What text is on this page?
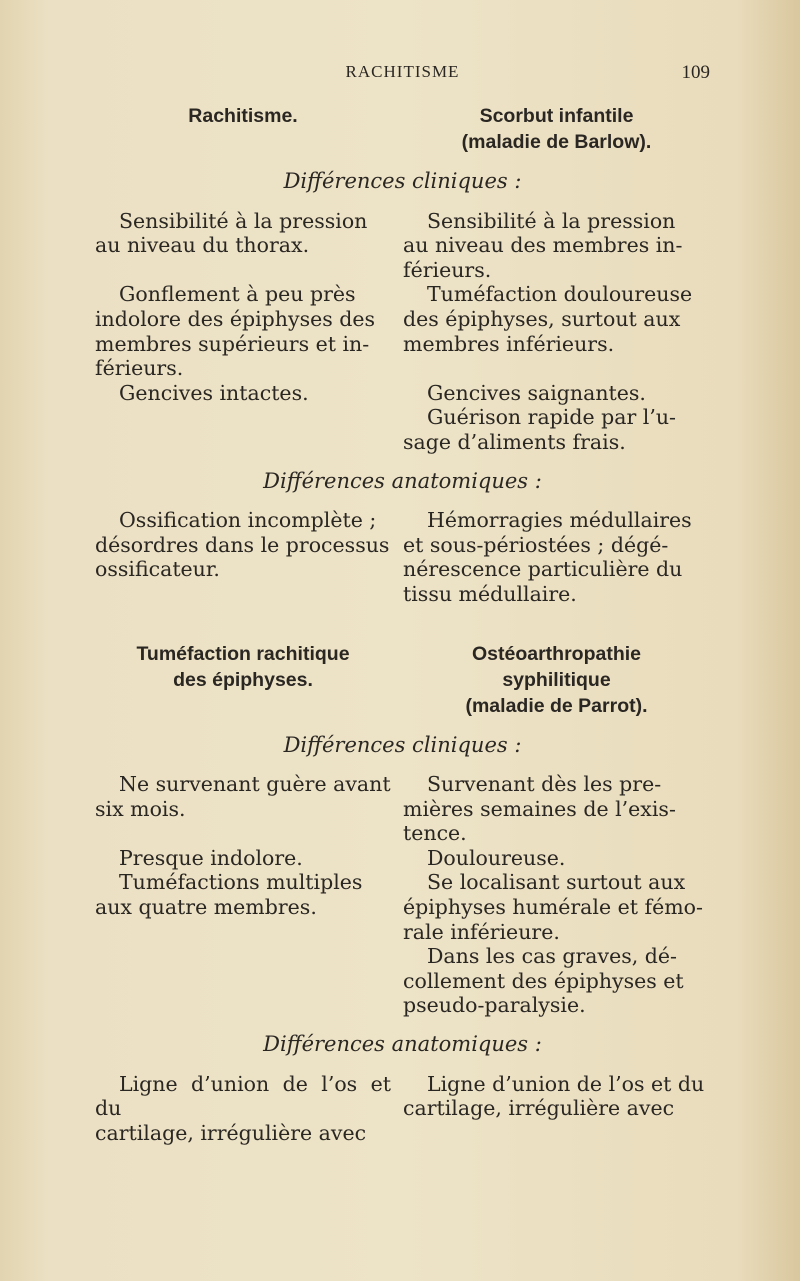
RACHITISME	109
Rachitisme.	Scorbut infantile
(maladie de Barlow).
Différences cliniques :
Sensibilité à la pression
au niveau du thorax.
Gonflement à peu près
indolore des épiphyses des
membres supérieurs et in-
férieurs.
Gencives intactes.
Sensibilité à la pression
au niveau des membres in-
férieurs.
Tuméfaction douloureuse
des épiphyses, surtout aux
membres inférieurs.
Gencives saignantes.
Guérison rapide par l’u-
sage d’aliments frais.
Différences anatomiques :
Ossification incomplète ;
désordres dans le processus
ossificateur.
Hémorragies médullaires
et sous-périostées ; dégé-
nérescence particulière du
tissu médullaire.
Tuméfaction rachitique
des épiphyses.
Ostéoarthropathie
syphilitique
(maladie de Parrot).
Différences cliniques :
Ne survenant guère avant
six mois.
Presque indolore.
Tuméfactions multiples
aux quatre membres.
Survenant dès les pre-
mières semaines de l’exis-
tence.
Douloureuse.
Se localisant surtout aux
épiphyses humérale et fémo-
rale inférieure.
Dans les cas graves, dé-
collement des épiphyses et
pseudo-paralysie.
Différences anatomiques :
Ligne d’union de l’os et du
cartilage, irrégulière avec
Ligne d’union de l’os et du
cartilage, irrégulière avec
